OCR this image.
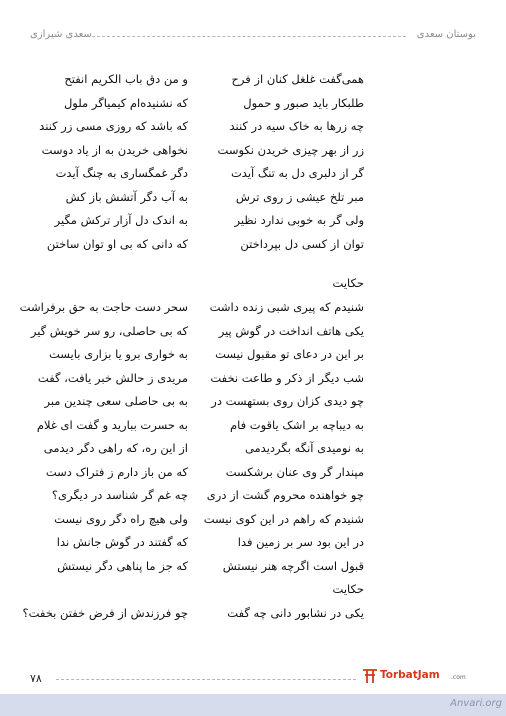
بوستان سعدی
سعدی شیرازی
همی‌گفت غلغل کنان از فرح
و من دق باب الکریم انفتح
طلبکار باید صبور و حمول
که نشنیده‌ام کیمیاگر ملول
چه زرها به خاک سیه در کنند
که باشد که روزی مسی زر کنند
زر از بهر چیزی خریدن نکوست
نخواهی خریدن به از یاد دوست
گر از دلبری دل به تنگ آیدت
دگر غمگساری به چنگ آیدت
مبر تلخ عیشی ز روی ترش
به آب دگر آتشش باز کش
ولی گر به خوبی ندارد نظیر
به اندک دل آزار ترکش مگیر
توان از کسی دل بپرداختن
که دانی که بی او توان ساختن
حکایت
شنیدم که پیری شبی زنده داشت
سحر دست حاجت به حق برفراشت
یکی هاتف انداخت در گوش پیر
که بی حاصلی، رو سر خویش گیر
بر این در دعای تو مقبول نیست
به خواری برو یا بزاری بایست
شب دیگر از ذکر و طاعت نخفت
مریدی ز حالش خبر یافت، گفت
چو دیدی کزان روی بستهست در
به بی حاصلی سعی چندین مبر
به دیباچه بر اشک یاقوت فام
به حسرت ببارید و گفت ای غلام
به نومیدی آنگه بگردیدمی
از این ره، که راهی دگر دیدمی
مپندار گر وی عنان برشکست
که من باز دارم ز فتراک دست
چو خواهنده محروم گشت از دری
چه غم گر شناسد در دیگری؟
شنیدم که راهم در این کوی نیست
ولی هیچ راه دگر روی نیست
در این بود سر بر زمین فدا
که گفتند در گوش جانش ندا
قبول است اگرچه هنر نیستش
که جز ما پناهی دگر نیستش
حکایت
یکی در نشابور دانی چه گفت
چو فرزندش از فرض خفتن بخفت؟
۷۸	TorbatJam .com
Anvari.org
